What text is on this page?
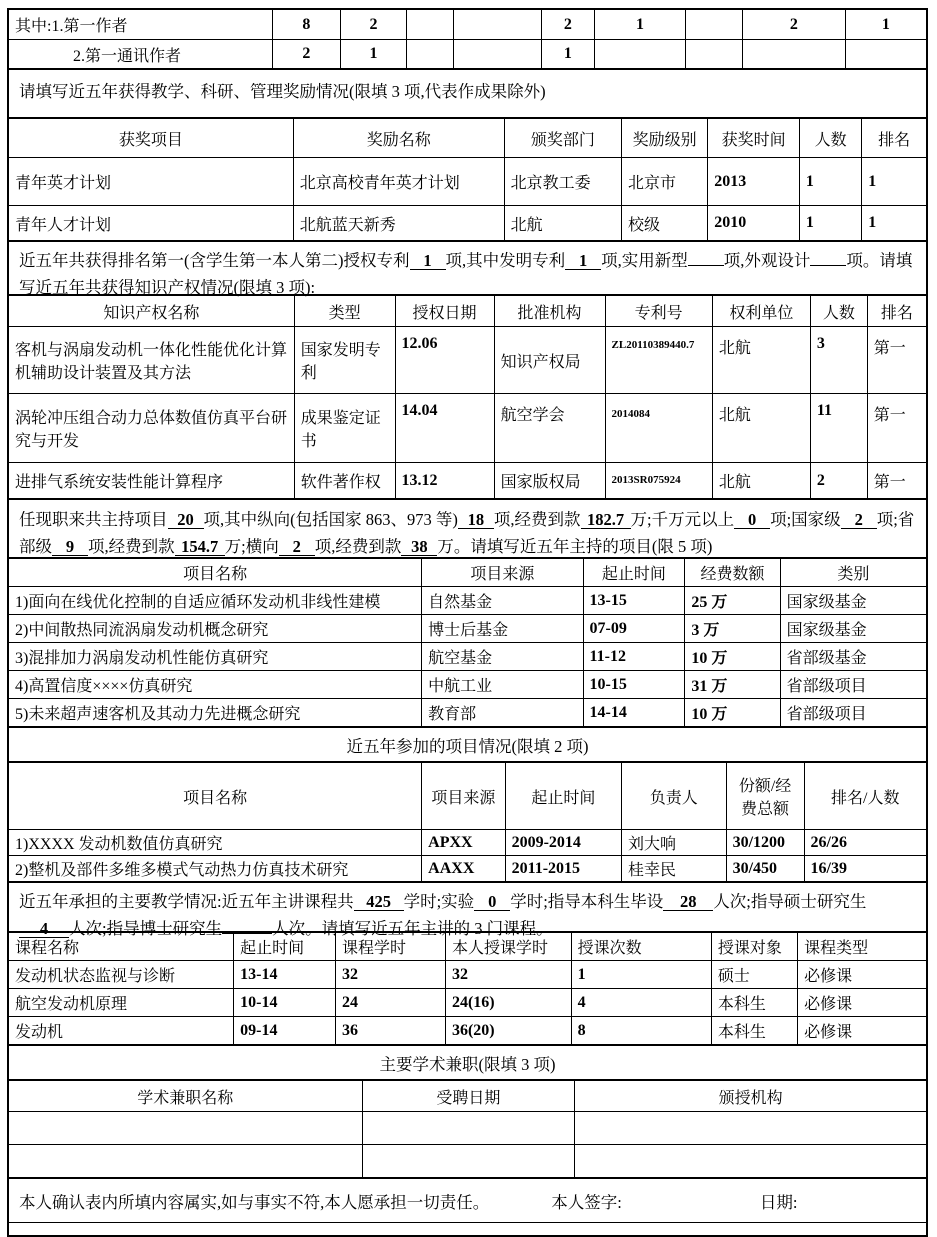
其中:1.第一作者	8	2			2	1		2	1
2.第一通讯作者	2	1			1				
请填写近五年获得教学、科研、管理奖励情况(限填 3 项,代表作成果除外)
获奖项目	奖励名称	颁奖部门	奖励级别	获奖时间	人数	排名
青年英才计划	北京高校青年英才计划	北京教工委	北京市	2013	1	1
青年人才计划	北航蓝天新秀	北航	校级	2010	1	1
近五年共获得排名第一(含学生第一本人第二)授权专利 1 项,其中发明专利 1 项,实用新型 项,外观设计 项。请填写近五年共获得知识产权情况(限填 3 项):
知识产权名称	类型	授权日期	批准机构	专利号	权利单位	人数	排名
客机与涡扇发动机一体化性能优化计算机辅助设计装置及其方法	国家发明专利	12.06	知识产权局	ZL20110389440.7	北航	3	第一
涡轮冲压组合动力总体数值仿真平台研究与开发	成果鉴定证书	14.04	航空学会	2014084	北航	11	第一
进排气系统安装性能计算程序	软件著作权	13.12	国家版权局	2013SR075924	北航	2	第一
任现职来共主持项目 20 项,其中纵向(包括国家 863、973 等) 18 项,经费到款 182.7 万;千万元以上 0 项;国家级 2 项;省部级 9 项,经费到款 154.7 万;横向 2 项,经费到款 38 万。请填写近五年主持的项目(限 5 项)
项目名称	项目来源	起止时间	经费数额	类别
1)面向在线优化控制的自适应循环发动机非线性建模	自然基金	13-15	25 万	国家级基金
2)中间散热同流涡扇发动机概念研究	博士后基金	07-09	3 万	国家级基金
3)混排加力涡扇发动机性能仿真研究	航空基金	11-12	10 万	省部级基金
4)高置信度××××仿真研究	中航工业	10-15	31 万	省部级项目
5)未来超声速客机及其动力先进概念研究	教育部	14-14	10 万	省部级项目
近五年参加的项目情况(限填 2 项)
项目名称	项目来源	起止时间	负责人	份额/经费总额	排名/人数
1)XXXX 发动机数值仿真研究	APXX	2009-2014	刘大响	30/1200	26/26
2)整机及部件多维多模式气动热力仿真技术研究	AAXX	2011-2015	桂幸民	30/450	16/39
近五年承担的主要教学情况:近五年主讲课程共 425 学时;实验 0 学时;指导本科生毕设 28 人次;指导硕士研究生4 人次;指导博士研究生	人次。请填写近五年主讲的 3 门课程。
课程名称	起止时间	课程学时	本人授课学时	授课次数	授课对象	课程类型
发动机状态监视与诊断	13-14	32	32	1	硕士	必修课
航空发动机原理	10-14	24	24(16)	4	本科生	必修课
发动机	09-14	36	36(20)	8	本科生	必修课
主要学术兼职(限填 3 项)
学术兼职名称	受聘日期	颁授机构

本人确认表内所填内容属实,如与事实不符,本人愿承担一切责任。	本人签字:	日期:
